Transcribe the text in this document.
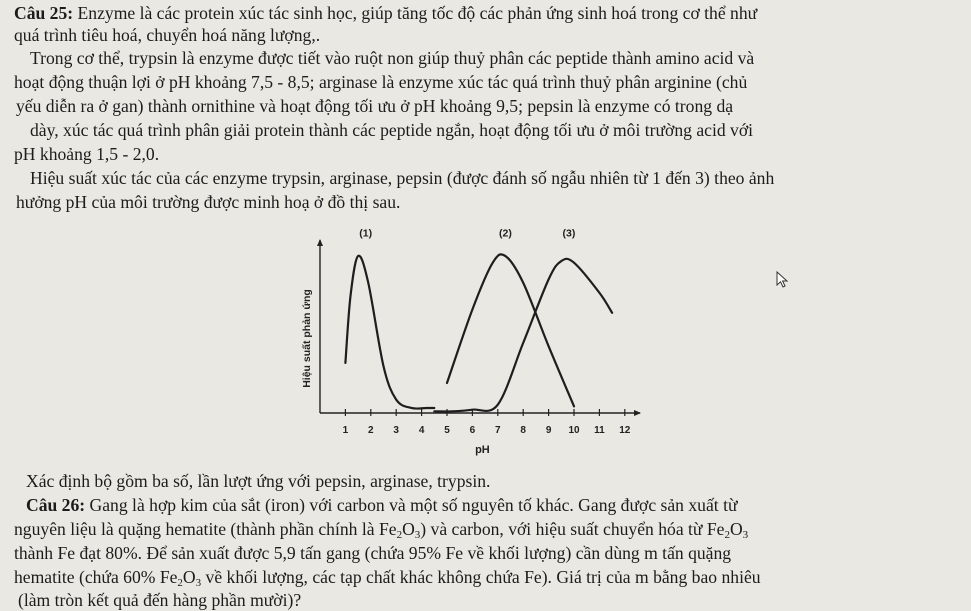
Câu 25: Enzyme là các protein xúc tác sinh học, giúp tăng tốc độ các phản ứng sinh hoá trong cơ thể như
quá trình tiêu hoá, chuyển hoá năng lượng,.
Trong cơ thể, trypsin là enzyme được tiết vào ruột non giúp thuỷ phân các peptide thành amino acid và
hoạt động thuận lợi ở pH khoảng 7,5 - 8,5; arginase là enzyme xúc tác quá trình thuỷ phân arginine (chủ
yếu diễn ra ở gan) thành ornithine và hoạt động tối ưu ở pH khoảng 9,5; pepsin là enzyme có trong dạ
dày, xúc tác quá trình phân giải protein thành các peptide ngắn, hoạt động tối ưu ở môi trường acid với
pH khoảng 1,5 - 2,0.
Hiệu suất xúc tác của các enzyme trypsin, arginase, pepsin (được đánh số ngẫu nhiên từ 1 đến 3) theo ảnh
hưởng pH của môi trường được minh hoạ ở đồ thị sau.
1 2 3 4 5 6 7 8 9 10 11 12
pH
Hiệu suất phản ứng
(1)	(2)	(3)
Xác định bộ gồm ba số, lần lượt ứng với pepsin, arginase, trypsin.
Câu 26: Gang là hợp kim của sắt (iron) với carbon và một số nguyên tố khác. Gang được sản xuất từ
nguyên liệu là quặng hematite (thành phần chính là $Fe_2O_3$) và carbon, với hiệu suất chuyển hóa từ $Fe_2O_3$
thành Fe đạt 80%. Để sản xuất được 5,9 tấn gang (chứa 95% Fe về khối lượng) cần dùng m tấn quặng
hematite (chứa 60% $Fe_2O_3$ về khối lượng, các tạp chất khác không chứa Fe). Giá trị của m bằng bao nhiêu
(làm tròn kết quả đến hàng phần mười)?
